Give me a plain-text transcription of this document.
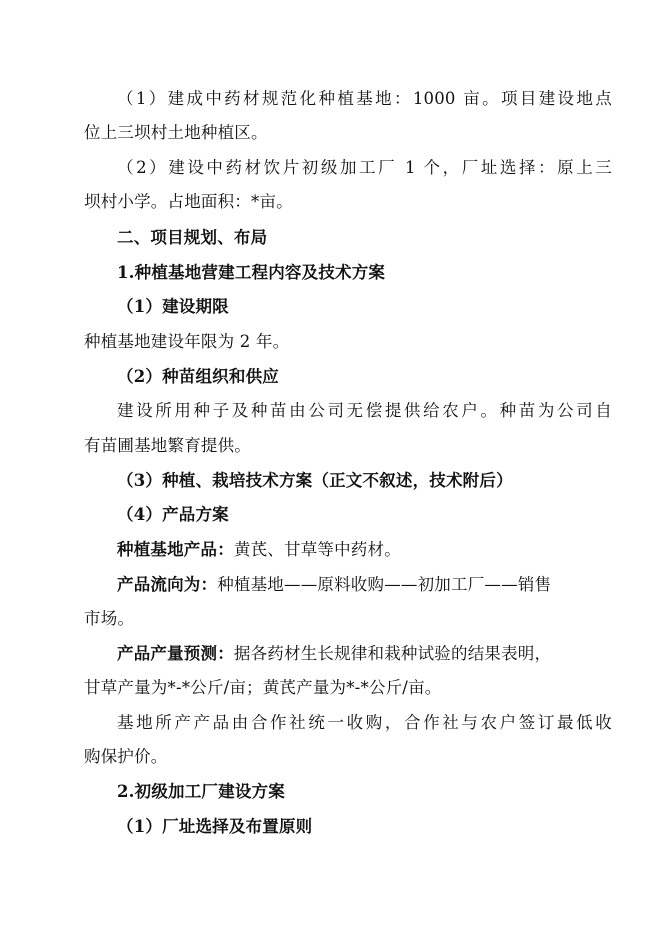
（1）建成中药材规范化种植基地：1000 亩。项目建设地点
位上三坝村土地种植区。
（2）建设中药材饮片初级加工厂 1 个，厂址选择：原上三
坝村小学。占地面积：*亩。
二、项目规划、布局
1.种植基地营建工程内容及技术方案
（1）建设期限
种植基地建设年限为 2 年。
（2）种苗组织和供应
建设所用种子及种苗由公司无偿提供给农户。种苗为公司自
有苗圃基地繁育提供。
（3）种植、栽培技术方案（正文不叙述，技术附后）
（4）产品方案
种植基地产品：黄芪、甘草等中药材。
产品流向为：种植基地——原料收购——初加工厂——销售
市场。
产品产量预测：据各药材生长规律和栽种试验的结果表明，
甘草产量为*-*公斤/亩；黄芪产量为*-*公斤/亩。
基地所产产品由合作社统一收购，合作社与农户签订最低收
购保护价。
2.初级加工厂建设方案
（1）厂址选择及布置原则
